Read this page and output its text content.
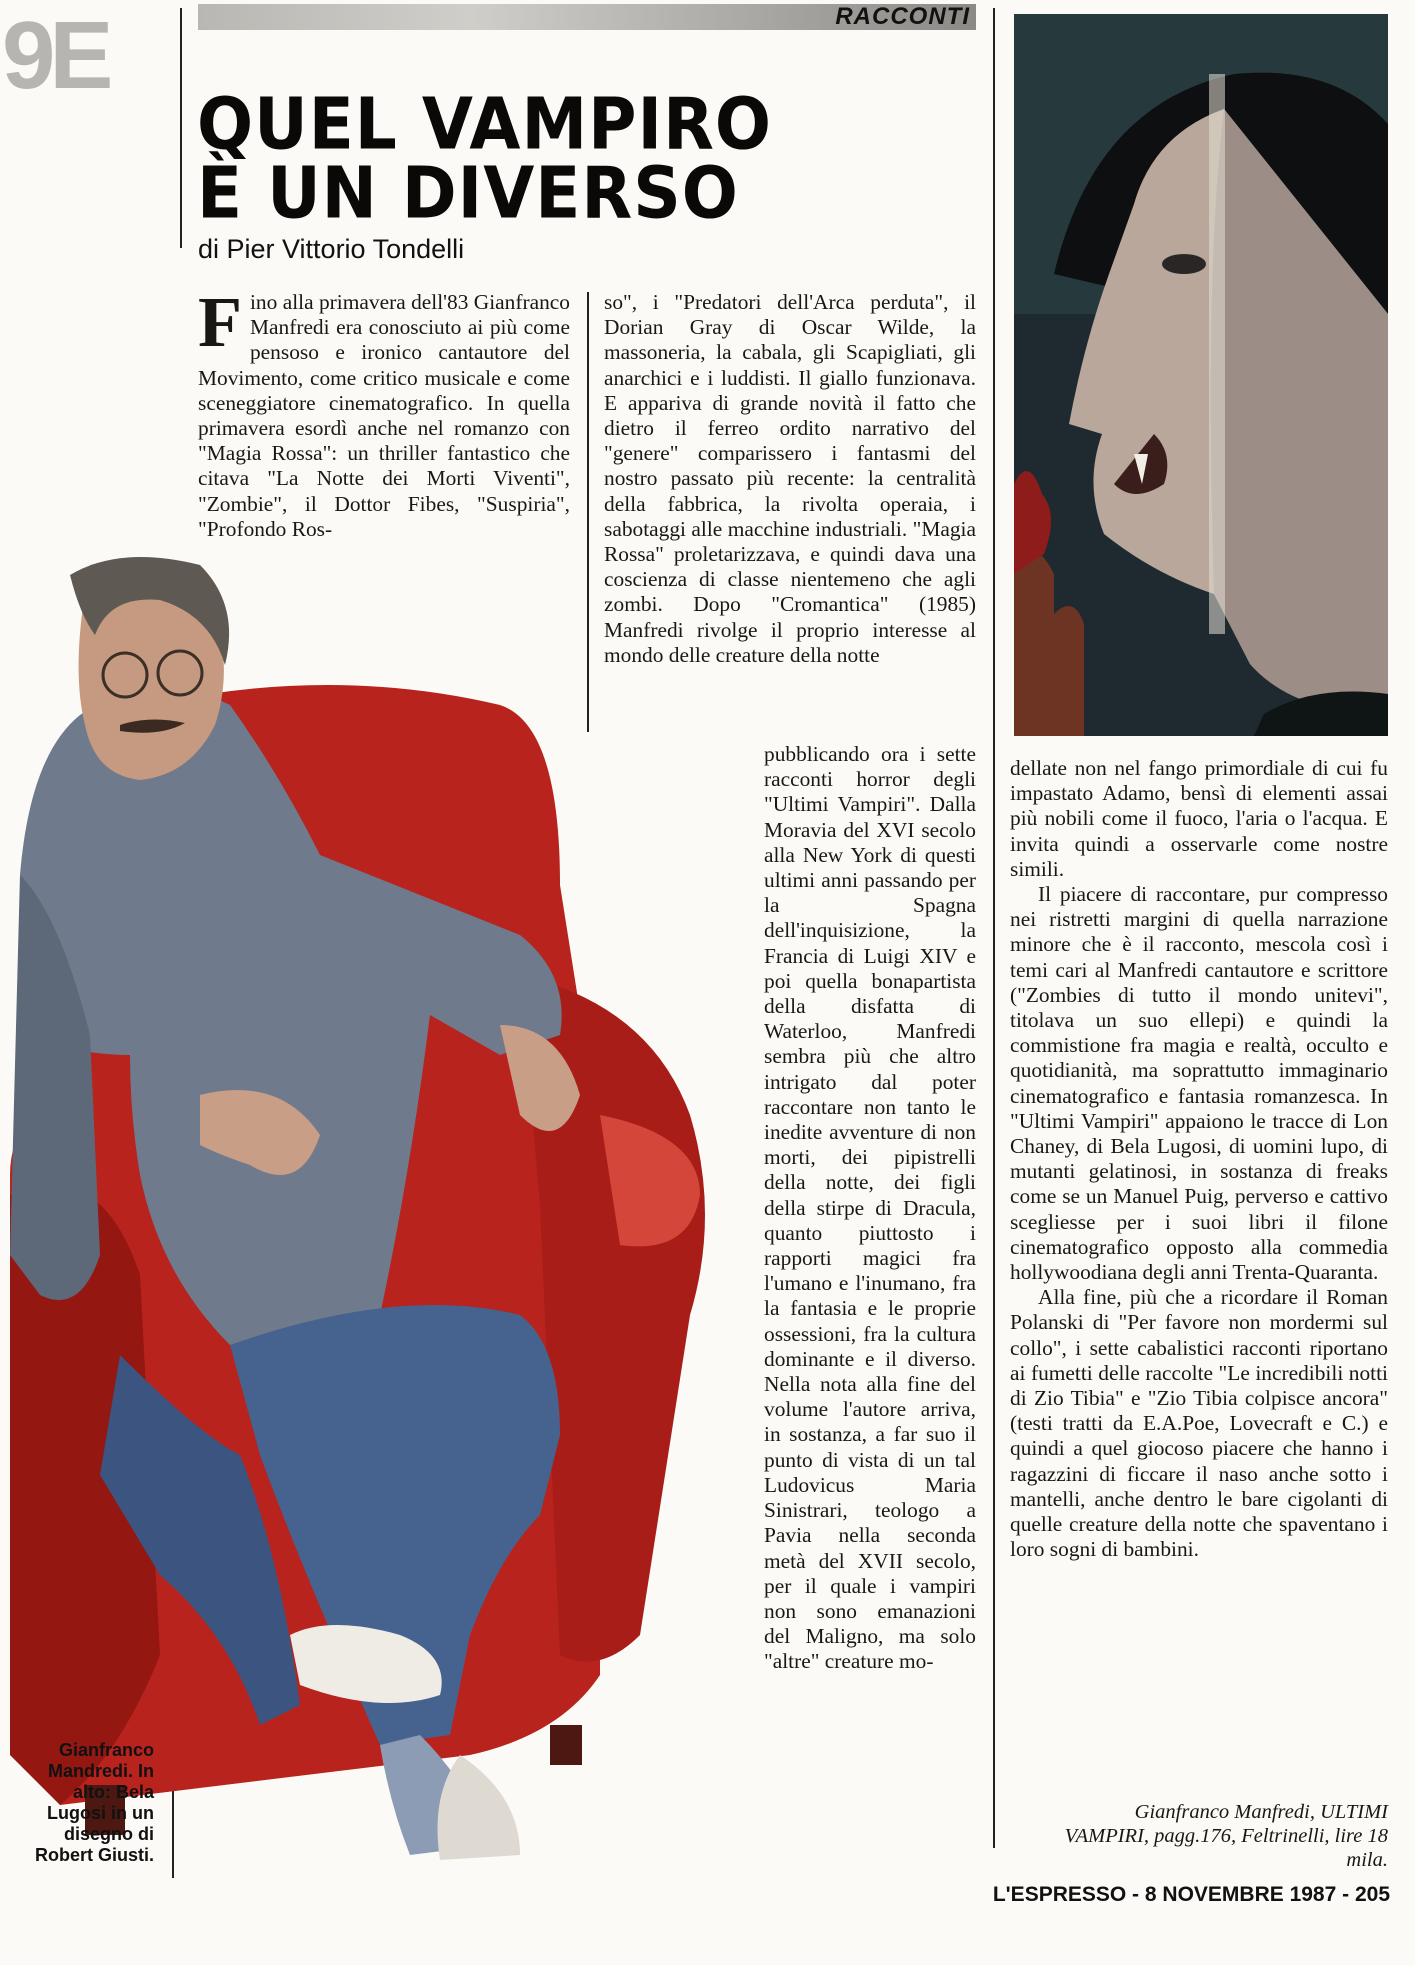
RACCONTI
9E
QUEL VAMPIRO
È UN DIVERSO
di Pier Vittorio Tondelli
Fino alla primavera dell'83 Gianfranco Manfredi era conosciuto ai più come pensoso e ironico cantautore del Movimento, come critico musicale e come sceneggiatore cinematografico. In quella primavera esordì anche nel romanzo con "Magia Rossa": un thriller fantastico che citava "La Notte dei Morti Viventi", "Zombie", il Dottor Fibes, "Suspiria", "Profondo Ros-
so", i "Predatori dell'Arca perduta", il Dorian Gray di Oscar Wilde, la massoneria, la cabala, gli Scapigliati, gli anarchici e i luddisti. Il giallo funzionava. E appariva di grande novità il fatto che dietro il ferreo ordito narrativo del "genere" comparissero i fantasmi del nostro passato più recente: la centralità della fabbrica, la rivolta operaia, i sabotaggi alle macchine industriali. "Magia Rossa" proletarizzava, e quindi dava una coscienza di classe nientemeno che agli zombi. Dopo "Cromantica" (1985) Manfredi rivolge il proprio interesse al mondo delle creature della notte
pubblicando ora i sette racconti horror degli "Ultimi Vampiri". Dalla Moravia del XVI secolo alla New York di questi ultimi anni passando per la Spagna dell'inquisizione, la Francia di Luigi XIV e poi quella bonapartista della disfatta di Waterloo, Manfredi sembra più che altro intrigato dal poter raccontare non tanto le inedite avventure di non morti, dei pipistrelli della notte, dei figli della stirpe di Dracula, quanto piuttosto i rapporti magici fra l'umano e l'inumano, fra la fantasia e le proprie ossessioni, fra la cultura dominante e il diverso. Nella nota alla fine del volume l'autore arriva, in sostanza, a far suo il punto di vista di un tal Ludovicus Maria Sinistrari, teologo a Pavia nella seconda metà del XVII secolo, per il quale i vampiri non sono emanazioni del Maligno, ma solo "altre" creature mo-
dellate non nel fango primordiale di cui fu impastato Adamo, bensì di elementi assai più nobili come il fuoco, l'aria o l'acqua. E invita quindi a osservarle come nostre simili.
Il piacere di raccontare, pur compresso nei ristretti margini di quella narrazione minore che è il racconto, mescola così i temi cari al Manfredi cantautore e scrittore ("Zombies di tutto il mondo unitevi", titolava un suo ellepi) e quindi la commistione fra magia e realtà, occulto e quotidianità, ma soprattutto immaginario cinematografico e fantasia romanzesca. In "Ultimi Vampiri" appaiono le tracce di Lon Chaney, di Bela Lugosi, di uomini lupo, di mutanti gelatinosi, in sostanza di freaks come se un Manuel Puig, perverso e cattivo scegliesse per i suoi libri il filone cinematografico opposto alla commedia hollywoodiana degli anni Trenta-Quaranta.
Alla fine, più che a ricordare il Roman Polanski di "Per favore non mordermi sul collo", i sette cabalistici racconti riportano ai fumetti delle raccolte "Le incredibili notti di Zio Tibia" e "Zio Tibia colpisce ancora" (testi tratti da E.A.Poe, Lovecraft e C.) e quindi a quel giocoso piacere che hanno i ragazzini di ficcare il naso anche sotto i mantelli, anche dentro le bare cigolanti di quelle creature della notte che spaventano i loro sogni di bambini.
Gianfranco Manfredi, ULTIMI VAMPIRI, pagg.176, Feltrinelli, lire 18 mila.
Gianfranco Mandredi. In alto: Bela Lugosi in un disegno di Robert Giusti.
L'ESPRESSO - 8 NOVEMBRE 1987 - 205
